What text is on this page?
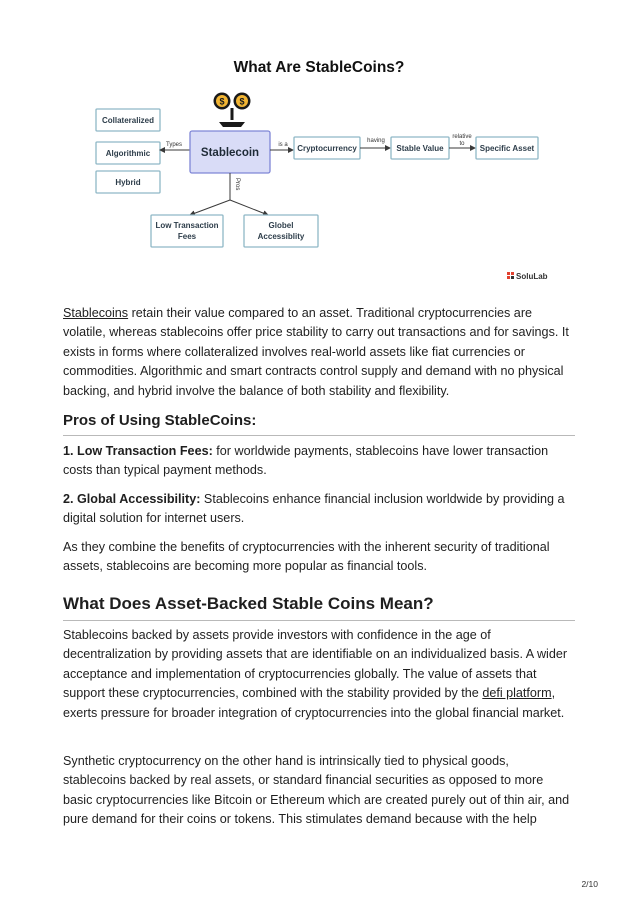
What Are StableCoins?
$ $
Collateralized
Algorithmic
Hybrid
Types
Stablecoin
is a Cryptocurrency
having
Stable Value
relative
to Specific Asset
Pros
Low Transaction
Fees
Globel
Accessiblity
SoluLab

Stablecoins retain their value compared to an asset. Traditional cryptocurrencies are volatile, whereas stablecoins offer price stability to carry out transactions and for savings. It exists in forms where collateralized involves real-world assets like fiat currencies or commodities. Algorithmic and smart contracts control supply and demand with no physical backing, and hybrid involve the balance of both stability and flexibility.

Pros of Using StableCoins:

1. Low Transaction Fees: for worldwide payments, stablecoins have lower transaction costs than typical payment methods.

2. Global Accessibility: Stablecoins enhance financial inclusion worldwide by providing a digital solution for internet users.

As they combine the benefits of cryptocurrencies with the inherent security of traditional assets, stablecoins are becoming more popular as financial tools.

What Does Asset-Backed Stable Coins Mean?

Stablecoins backed by assets provide investors with confidence in the age of decentralization by providing assets that are identifiable on an individualized basis. A wider acceptance and implementation of cryptocurrencies globally. The value of assets that support these cryptocurrencies, combined with the stability provided by the defi platform, exerts pressure for broader integration of cryptocurrencies into the global financial market.

Synthetic cryptocurrency on the other hand is intrinsically tied to physical goods, stablecoins backed by real assets, or standard financial securities as opposed to more basic cryptocurrencies like Bitcoin or Ethereum which are created purely out of thin air, and pure demand for their coins or tokens. This stimulates demand because with the help

2/10
